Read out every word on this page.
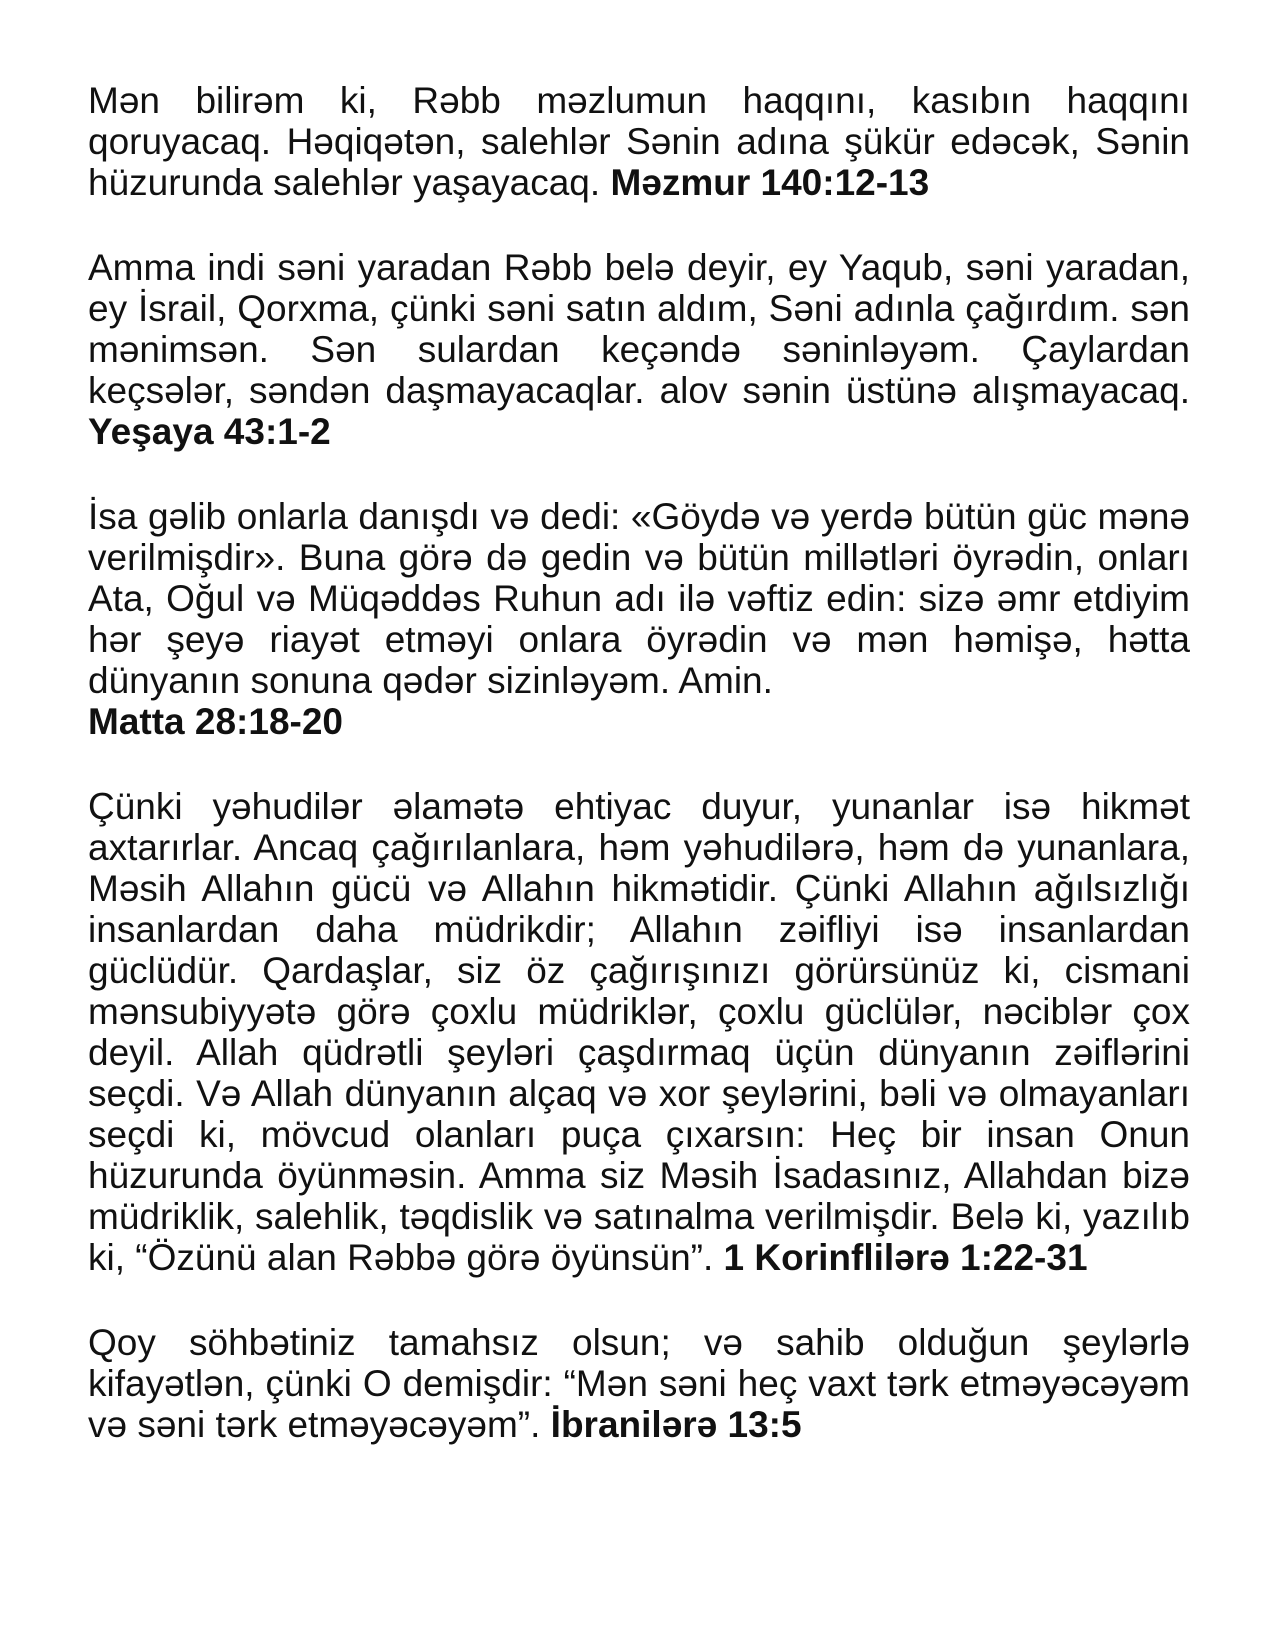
Mən bilirəm ki, Rəbb məzlumun haqqını, kasıbın haqqını qoruyacaq. Həqiqətən, salehlər Sənin adına şükür edəcək, Sənin hüzurunda salehlər yaşayacaq. Məzmur 140:12-13

Amma indi səni yaradan Rəbb belə deyir, ey Yaqub, səni yaradan, ey İsrail, Qorxma, çünki səni satın aldım, Səni adınla çağırdım. sən mənimsən. Sən sulardan keçəndə səninləyəm. Çaylardan keçsələr, səndən daşmayacaqlar. alov sənin üstünə alışmayacaq. Yeşaya 43:1-2

İsa gəlib onlarla danışdı və dedi: «Göydə və yerdə bütün güc mənə verilmişdir». Buna görə də gedin və bütün millətləri öyrədin, onları Ata, Oğul və Müqəddəs Ruhun adı ilə vəftiz edin: sizə əmr etdiyim hər şeyə riayət etməyi onlara öyrədin və mən həmişə, hətta dünyanın sonuna qədər sizinləyəm. Amin.
Matta 28:18-20

Çünki yəhudilər əlamətə ehtiyac duyur, yunanlar isə hikmət axtarırlar. Ancaq çağırılanlara, həm yəhudilərə, həm də yunanlara, Məsih Allahın gücü və Allahın hikmətidir. Çünki Allahın ağılsızlığı insanlardan daha müdrikdir; Allahın zəifliyi isə insanlardan güclüdür. Qardaşlar, siz öz çağırışınızı görürsünüz ki, cismani mənsubiyyətə görə çoxlu müdriklər, çoxlu güclülər, nəciblər çox deyil. Allah qüdrətli şeyləri çaşdırmaq üçün dünyanın zəiflərini seçdi. Və Allah dünyanın alçaq və xor şeylərini, bəli və olmayanları seçdi ki, mövcud olanları puça çıxarsın: Heç bir insan Onun hüzurunda öyünməsin. Amma siz Məsih İsadasınız, Allahdan bizə müdriklik, salehlik, təqdislik və satınalma verilmişdir. Belə ki, yazılıb ki, “Özünü alan Rəbbə görə öyünsün”. 1 Korinflilərə 1:22-31

Qoy söhbətiniz tamahsız olsun; və sahib olduğun şeylərlə kifayətlən, çünki O demişdir: “Mən səni heç vaxt tərk etməyəcəyəm və səni tərk etməyəcəyəm”. İbranilərə 13:5
